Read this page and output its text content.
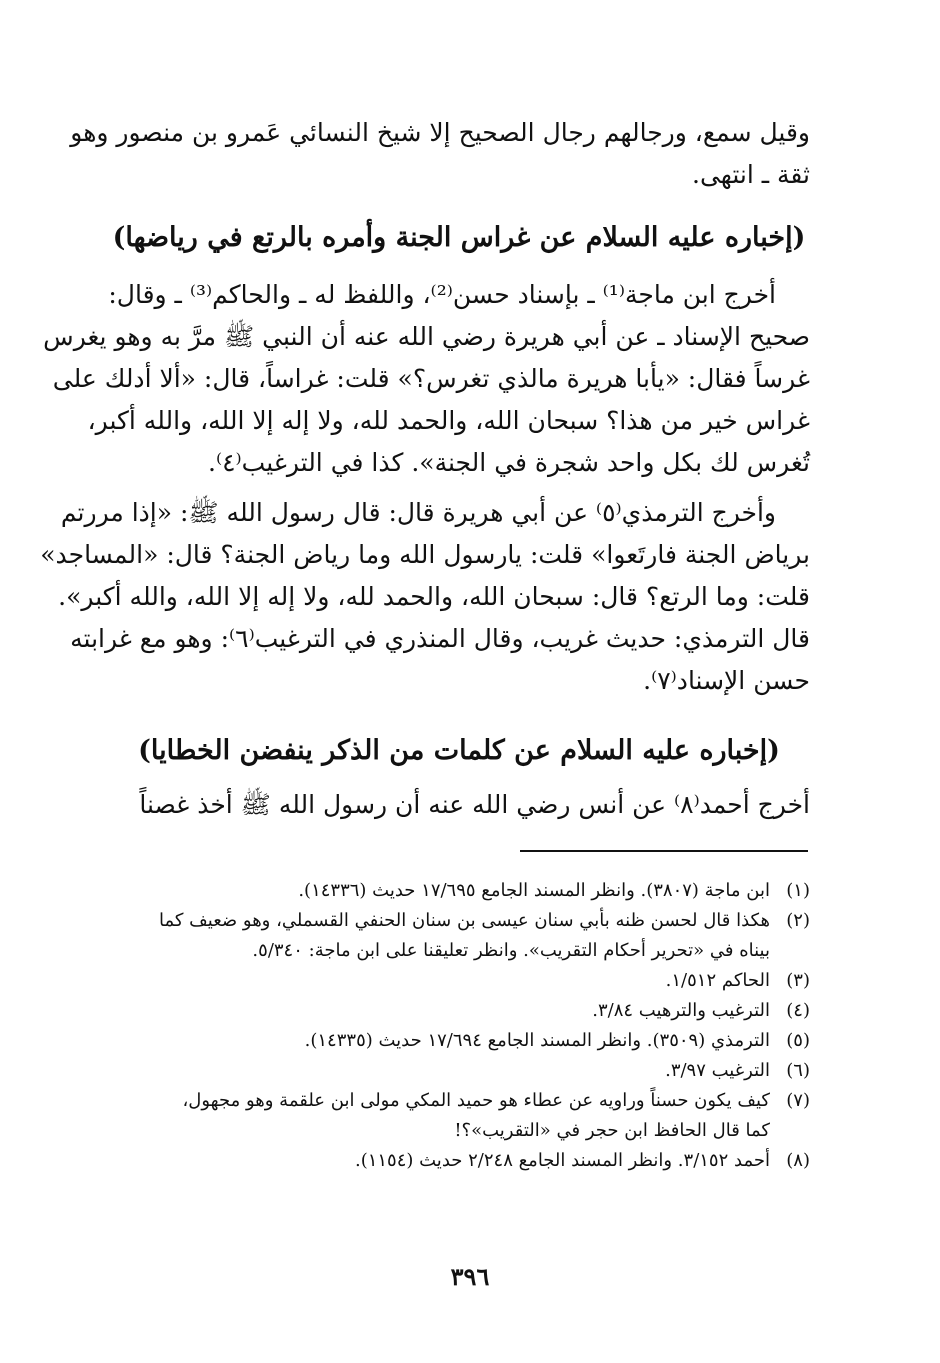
وقيل سمع، ورجالهم رجال الصحيح إلا شيخ النسائي عَمرو بن منصور وهو
ثقة ـ انتهى.
(إخباره عليه السلام عن غراس الجنة وأمره بالرتع في رياضها)
أخرج ابن ماجة⁽¹⁾ ـ بإسناد حسن⁽²⁾، واللفظ له ـ والحاكم⁽³⁾ ـ وقال:
صحيح الإسناد ـ عن أبي هريرة رضي الله عنه أن النبي ﷺ مرَّ به وهو يغرس
غرساً فقال: «يأبا هريرة مالذي تغرس؟» قلت: غراساً، قال: «ألا أدلك على
غراس خير من هذا؟ سبحان الله، والحمد لله، ولا إله إلا الله، والله أكبر،
تُغرس لك بكل واحد شجرة في الجنة». كذا في الترغيب⁽٤⁾.
وأخرج الترمذي⁽٥⁾ عن أبي هريرة قال: قال رسول الله ﷺ: «إذا مررتم
برياض الجنة فارتَعوا» قلت: يارسول الله وما رياض الجنة؟ قال: «المساجد»
قلت: وما الرتع؟ قال: سبحان الله، والحمد لله، ولا إله إلا الله، والله أكبر».
قال الترمذي: حديث غريب، وقال المنذري في الترغيب⁽٦⁾: وهو مع غرابته
حسن الإسناد⁽٧⁾.
(إخباره عليه السلام عن كلمات من الذكر ينفضن الخطايا)
أخرج أحمد⁽٨⁾ عن أنس رضي الله عنه أن رسول الله ﷺ أخذ غصناً
(١)
ابن ماجة (٣٨٠٧). وانظر المسند الجامع ١٧/٦٩٥ حديث (١٤٣٣٦).
(٢)
هكذا قال لحسن ظنه بأبي سنان عيسى بن سنان الحنفي القسملي، وهو ضعيف كما
بيناه في «تحرير أحكام التقريب». وانظر تعليقنا على ابن ماجة: ٥/٣٤٠.
(٣)
الحاكم ١/٥١٢.
(٤)
الترغيب والترهيب ٣/٨٤.
(٥)
الترمذي (٣٥٠٩). وانظر المسند الجامع ١٧/٦٩٤ حديث (١٤٣٣٥).
(٦)
الترغيب ٣/٩٧.
(٧)
كيف يكون حسناً وراويه عن عطاء هو حميد المكي مولى ابن علقمة وهو مجهول،
كما قال الحافظ ابن حجر في «التقريب»؟!
(٨)
أحمد ٣/١٥٢. وانظر المسند الجامع ٢/٢٤٨ حديث (١١٥٤).
٣٩٦
